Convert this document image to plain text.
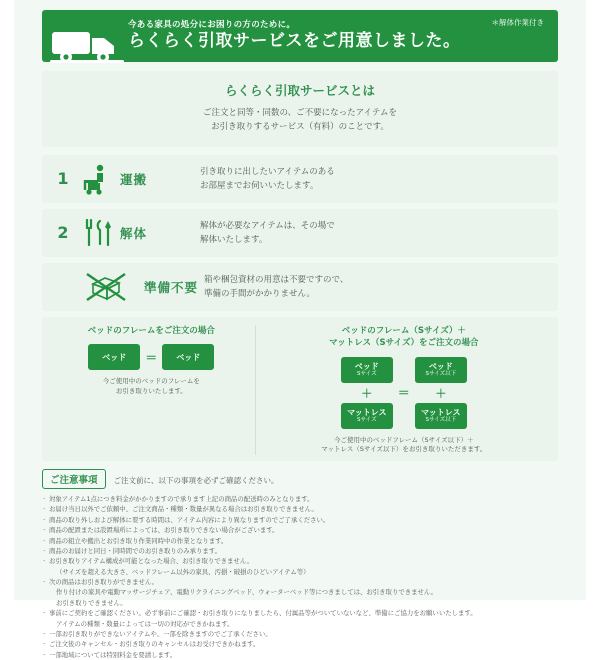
今ある家具の処分にお困りの方のために。
らくらく引取サービスをご用意しました。
＊解体作業付き
らくらく引取サービスとは
ご注文と同等・同数の、ご不要になったアイテムを
お引き取りするサービス（有料）のことです。
1	運搬
引き取りに出したいアイテムのある
お部屋までお伺いいたします。
2	解体
解体が必要なアイテムは、その場で
解体いたします。
準備不要
箱や梱包資材の用意は不要ですので、
準備の手間がかかりません。
ベッドのフレームをご注文の場合
ベッド ＝ ベッド
今ご使用中のベッドのフレームを
お引き取りいたします。
ベッドのフレーム（Sサイズ）＋
マットレス（Sサイズ）をご注文の場合
ベッド
Sサイズ
＋
マットレス
Sサイズ
＝
ベッド
Sサイズ以下
＋
マットレス
Sサイズ以下
今ご使用中のベッドフレーム（Sサイズ以下）＋
マットレス（Sサイズ以下）をお引き取りいただきます。
ご注意事項	ご注文前に、以下の事項を必ずご確認ください。
・ 対象アイテム1点につき料金がかかりますので承ります上記の商品の配送時のみとなります。
・ お届け当日以外でご依頼中、ご注文商品・種類・数量が異なる場合はお引き取りできません。
・ 商品の取り外しおよび解体に要する時間は、アイテム内容により異なりますのでご了承ください。
・ 商品の配置または設置場所によっては、お引き取りできない場合がございます。
・ 商品の組立や搬出とお引き取り作業同時中の作業となります。
・ 商品のお届けと同日・同時間でのお引き取りのみ承ります。
・ お引き取りアイテム構成が可能となった場合、お引き取りできません。
（サイズを超える大きさ、ベッドフレーム以外の家具、汚損・破損のひどいアイテム等）
・ 次の商品はお引き取りができません。
作り付けの家具や電動マッサージチェア、電動リクライニングベッド、ウォーターベッド等につきましては、お引き取りできません。
お引き取りできません。
・ 事前にご契約をご確認ください。必ず事前にご確認・お引き取りになりましたら、付属品等がついていないなど、準備にご協力をお願いいたします。
アイテムの種類・数量によっては一切の対応ができかねます。
・ 一部お引き取りができないアイテムや、一部を除きますのでご了承ください。
・ ご注文後のキャンセル・お引き取りのキャンセルはお受けできかねます。
・ 一部地域については特別料金を要請します。
